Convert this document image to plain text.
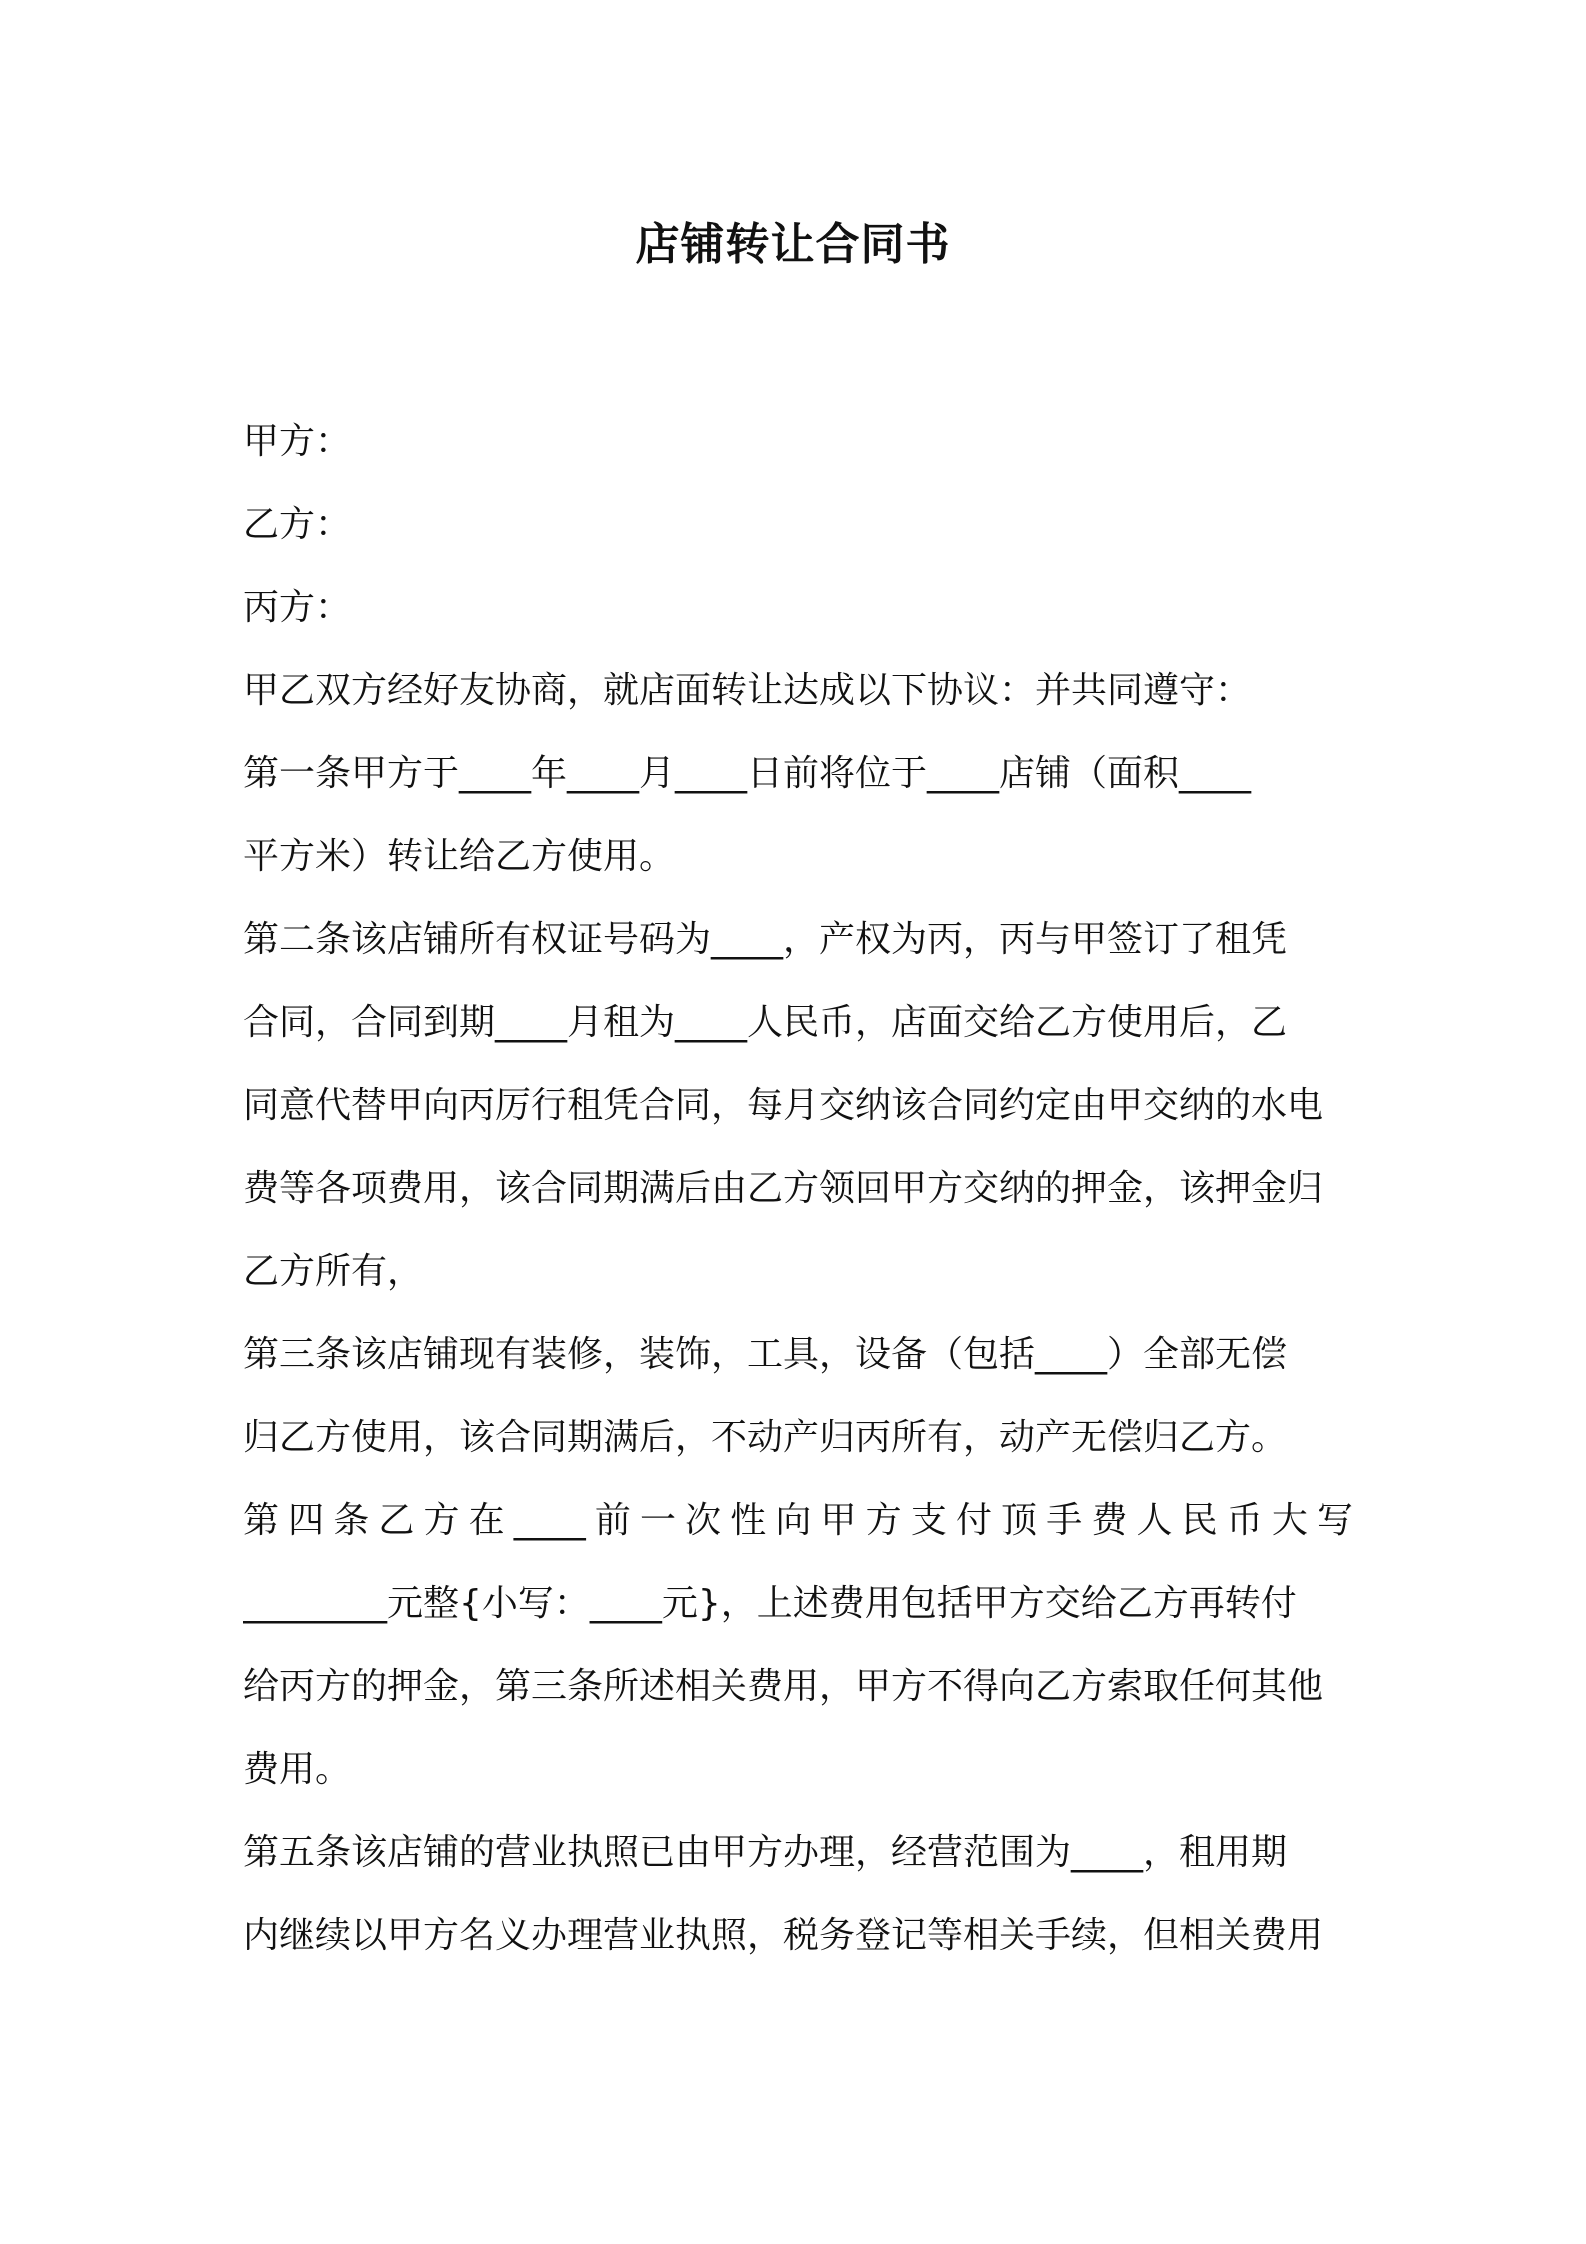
店铺转让合同书
甲方：
乙方：
丙方：
甲乙双方经好友协商，就店面转让达成以下协议：并共同遵守：
第一条甲方于____年____月____日前将位于____店铺（面积____
平方米）转让给乙方使用。
第二条该店铺所有权证号码为____，产权为丙，丙与甲签订了租凭
合同，合同到期____月租为____人民币，店面交给乙方使用后，乙
同意代替甲向丙厉行租凭合同，每月交纳该合同约定由甲交纳的水电
费等各项费用，该合同期满后由乙方领回甲方交纳的押金，该押金归
乙方所有，
第三条该店铺现有装修，装饰，工具，设备（包括____）全部无偿
归乙方使用，该合同期满后，不动产归丙所有，动产无偿归乙方。
第四条乙方在____前一次性向甲方支付顶手费人民币大写
________元整{小写：____元}，上述费用包括甲方交给乙方再转付
给丙方的押金，第三条所述相关费用，甲方不得向乙方索取任何其他
费用。
第五条该店铺的营业执照已由甲方办理，经营范围为____，租用期
内继续以甲方名义办理营业执照，税务登记等相关手续，但相关费用
